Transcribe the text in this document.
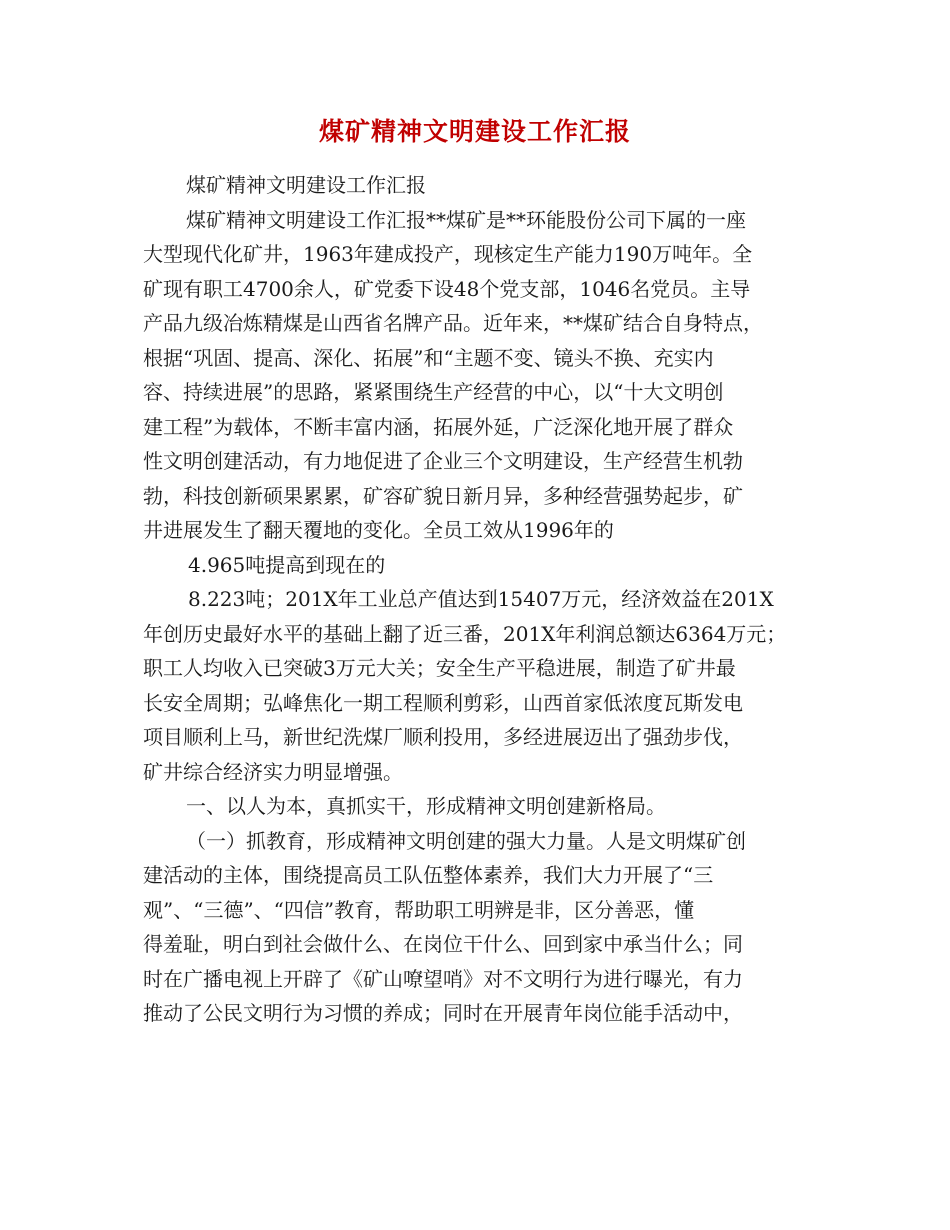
煤矿精神文明建设工作汇报
煤矿精神文明建设工作汇报
煤矿精神文明建设工作汇报**煤矿是**环能股份公司下属的一座
大型现代化矿井，1963年建成投产，现核定生产能力190万吨年。全
矿现有职工4700余人，矿党委下设48个党支部，1046名党员。主导
产品九级冶炼精煤是山西省名牌产品。近年来，**煤矿结合自身特点，
根据“巩固、提高、深化、拓展”和“主题不变、镜头不换、充实内
容、持续进展”的思路，紧紧围绕生产经营的中心，以“十大文明创
建工程”为载体，不断丰富内涵，拓展外延，广泛深化地开展了群众
性文明创建活动，有力地促进了企业三个文明建设，生产经营生机勃
勃，科技创新硕果累累，矿容矿貌日新月异，多种经营强势起步，矿
井进展发生了翻天覆地的变化。全员工效从1996年的
4.965吨提高到现在的
8.223吨；201X年工业总产值达到15407万元，经济效益在201X
年创历史最好水平的基础上翻了近三番，201X年利润总额达6364万元；
职工人均收入已突破3万元大关；安全生产平稳进展，制造了矿井最
长安全周期；弘峰焦化一期工程顺利剪彩，山西首家低浓度瓦斯发电
项目顺利上马，新世纪洗煤厂顺利投用，多经进展迈出了强劲步伐，
矿井综合经济实力明显增强。
一、以人为本，真抓实干，形成精神文明创建新格局。
（一）抓教育，形成精神文明创建的强大力量。人是文明煤矿创
建活动的主体，围绕提高员工队伍整体素养，我们大力开展了“三
观”、“三德”、“四信”教育，帮助职工明辨是非，区分善恶，懂
得羞耻，明白到社会做什么、在岗位干什么、回到家中承当什么；同
时在广播电视上开辟了《矿山嘹望哨》对不文明行为进行曝光，有力
推动了公民文明行为习惯的养成；同时在开展青年岗位能手活动中，
